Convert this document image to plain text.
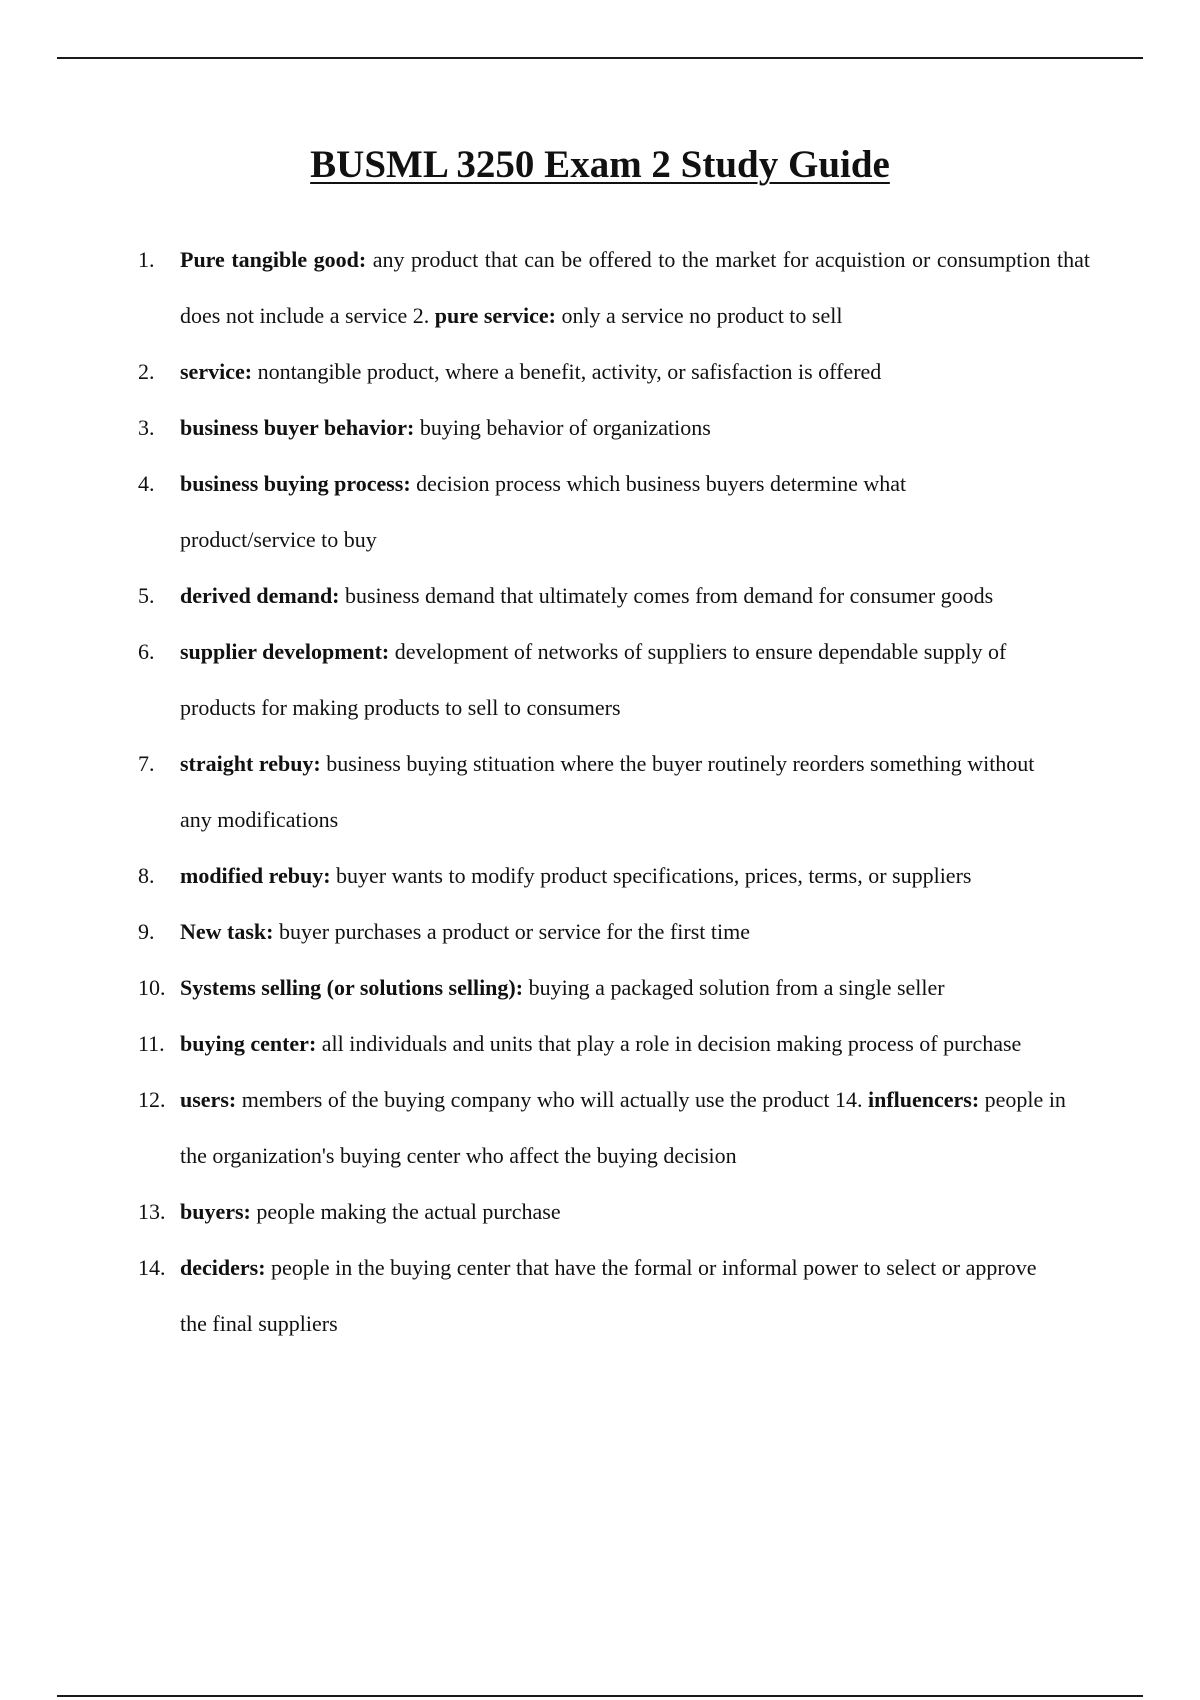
BUSML 3250 Exam 2 Study Guide
1. Pure tangible good: any product that can be offered to the market for acquistion or consumption that does not include a service 2. pure service: only a service no product to sell
2. service: nontangible product, where a benefit, activity, or safisfaction is offered
3. business buyer behavior: buying behavior of organizations
4. business buying process: decision process which business buyers determine what product/service to buy
5. derived demand: business demand that ultimately comes from demand for consumer goods
6. supplier development: development of networks of suppliers to ensure dependable supply of products for making products to sell to consumers
7. straight rebuy: business buying stituation where the buyer routinely reorders something without any modifications
8. modified rebuy: buyer wants to modify product specifications, prices, terms, or suppliers
9. New task: buyer purchases a product or service for the first time
10. Systems selling (or solutions selling): buying a packaged solution from a single seller
11. buying center: all individuals and units that play a role in decision making process of purchase
12. users: members of the buying company who will actually use the product 14. influencers: people in the organization's buying center who affect the buying decision
13. buyers: people making the actual purchase
14. deciders: people in the buying center that have the formal or informal power to select or approve the final suppliers
